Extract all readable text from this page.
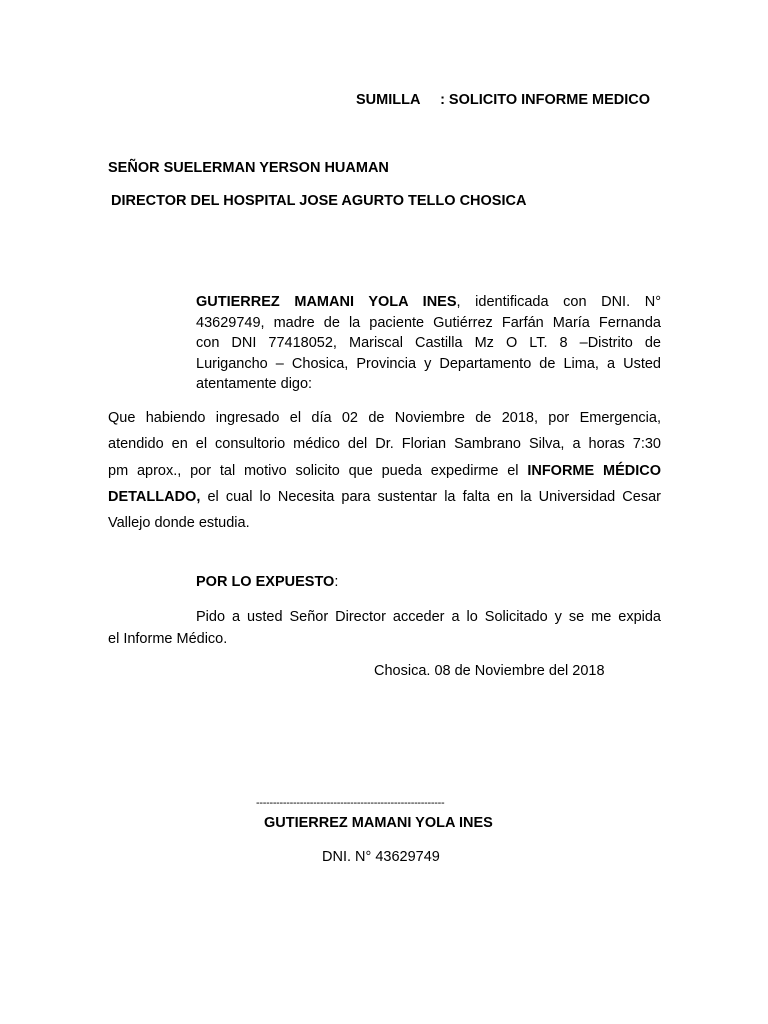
SUMILLA : SOLICITO INFORME MEDICO
SEÑOR SUELERMAN YERSON HUAMAN
DIRECTOR DEL HOSPITAL JOSE AGURTO TELLO CHOSICA
GUTIERREZ MAMANI YOLA INES, identificada con DNI. N°
43629749, madre de la paciente Gutiérrez Farfán María Fernanda
con DNI 77418052, Mariscal Castilla Mz O LT. 8 –Distrito de
Lurigancho – Chosica, Provincia y Departamento de Lima, a Usted
atentamente digo:
Que habiendo ingresado el día 02 de Noviembre de 2018, por Emergencia,
atendido en el consultorio médico del Dr. Florian Sambrano Silva, a horas 7:30
pm aprox., por tal motivo solicito que pueda expedirme el INFORME MÉDICO
DETALLADO, el cual lo Necesita para sustentar la falta en la Universidad Cesar
Vallejo donde estudia.
POR LO EXPUESTO:
Pido a usted Señor Director acceder a lo Solicitado y se me expida
el Informe Médico.
Chosica. 08 de Noviembre del 2018
--------------------------------------------------------
GUTIERREZ MAMANI YOLA INES
DNI. N° 43629749
